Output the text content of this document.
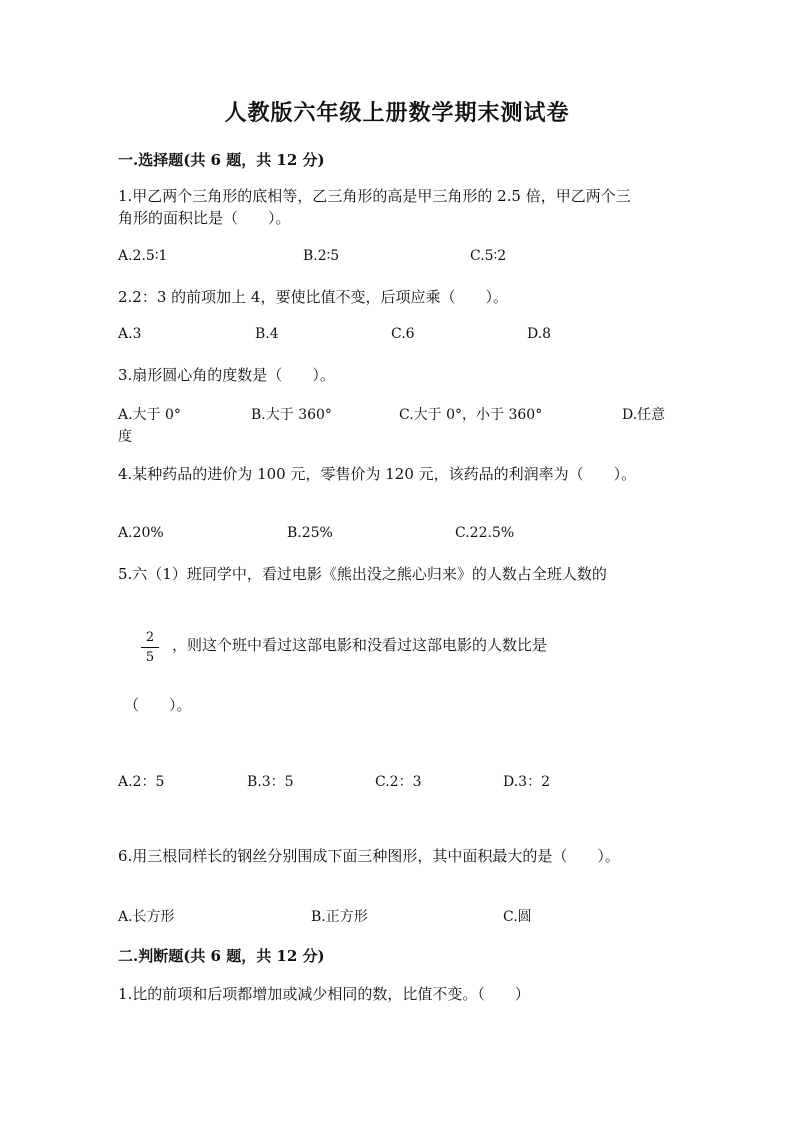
人教版六年级上册数学期末测试卷
一.选择题(共 6 题，共 12 分)
1.甲乙两个三角形的底相等，乙三角形的高是甲三角形的 2.5 倍，甲乙两个三
角形的面积比是（　　）。
A.2.5∶1	B.2∶5	C.5∶2
2.2：3 的前项加上 4，要使比值不变，后项应乘（　　）。
A.3	B.4	C.6	D.8
3.扇形圆心角的度数是（　　）。
A.大于 0°	B.大于 360°	C.大于 0°，小于 360°	D.任意
度
4.某种药品的进价为 100 元，零售价为 120 元，该药品的利润率为（　　）。
A.20%	B.25%	C.22.5%
5.六（1）班同学中，看过电影《熊出没之熊心归来》的人数占全班人数的
2
5
，则这个班中看过这部电影和没看过这部电影的人数比是
（　　）。
A.2：5	B.3：5	C.2：3	D.3：2
6.用三根同样长的钢丝分别围成下面三种图形，其中面积最大的是（　　）。
A.长方形	B.正方形	C.圆
二.判断题(共 6 题，共 12 分)
1.比的前项和后项都增加或减少相同的数，比值不变。（　　）
